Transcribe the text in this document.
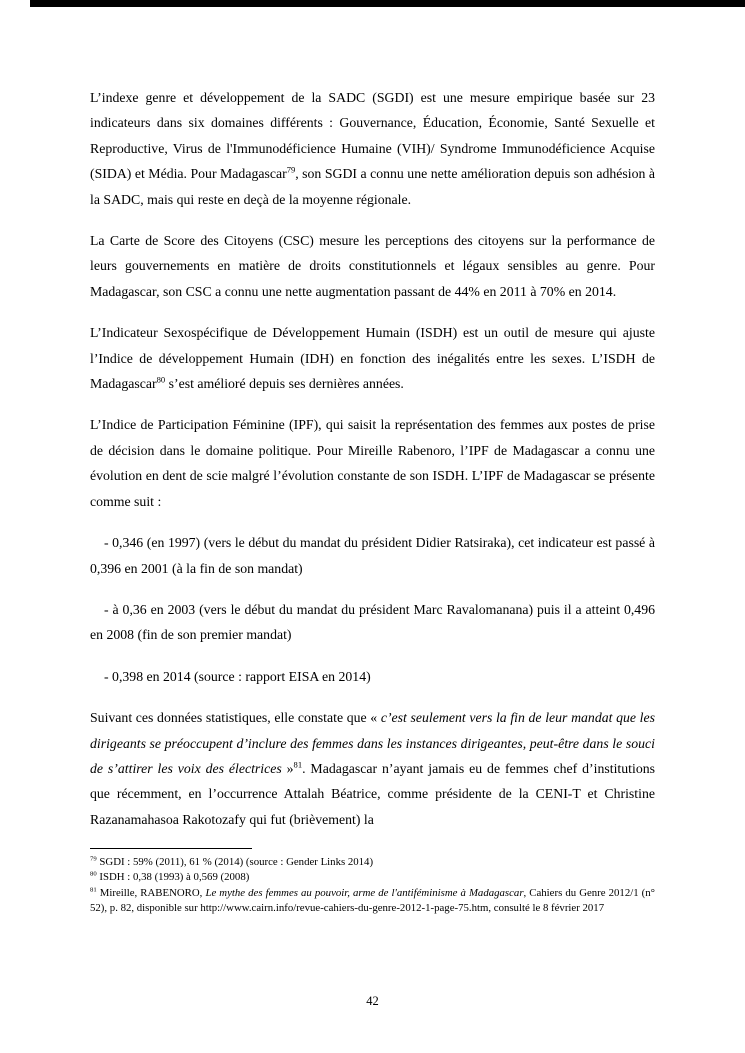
L’indexe genre et développement de la SADC (SGDI) est une mesure empirique basée sur 23 indicateurs dans six domaines différents : Gouvernance, Éducation, Économie, Santé Sexuelle et Reproductive, Virus de l'Immunodéficience Humaine (VIH)/ Syndrome Immunodéficience Acquise (SIDA) et Média. Pour Madagascar$^{79}$, son SGDI a connu une nette amélioration depuis son adhésion à la SADC, mais qui reste en deçà de la moyenne régionale.

La Carte de Score des Citoyens (CSC) mesure les perceptions des citoyens sur la performance de leurs gouvernements en matière de droits constitutionnels et légaux sensibles au genre. Pour Madagascar, son CSC a connu une nette augmentation passant de 44% en 2011 à 70% en 2014.

L’Indicateur Sexospécifique de Développement Humain (ISDH) est un outil de mesure qui ajuste l’Indice de développement Humain (IDH) en fonction des inégalités entre les sexes. L’ISDH de Madagascar$^{80}$ s’est amélioré depuis ses dernières années.

L’Indice de Participation Féminine (IPF), qui saisit la représentation des femmes aux postes de prise de décision dans le domaine politique. Pour Mireille Rabenoro, l’IPF de Madagascar a connu une évolution en dent de scie malgré l’évolution constante de son ISDH. L’IPF de Madagascar se présente comme suit :

- 0,346 (en 1997) (vers le début du mandat du président Didier Ratsiraka), cet indicateur est passé à 0,396 en 2001 (à la fin de son mandat)

- à 0,36 en 2003 (vers le début du mandat du président Marc Ravalomanana) puis il a atteint 0,496 en 2008 (fin de son premier mandat)

- 0,398 en 2014 (source : rapport EISA en 2014)

Suivant ces données statistiques, elle constate que « c’est seulement vers la fin de leur mandat que les dirigeants se préoccupent d’inclure des femmes dans les instances dirigeantes, peut-être dans le souci de s’attirer les voix des électrices »$^{81}$. Madagascar n’ayant jamais eu de femmes chef d’institutions que récemment, en l’occurrence Attalah Béatrice, comme présidente de la CENI-T et Christine Razanamahasoa Rakotozafy qui fut (brièvement) la

$^{79}$ SGDI : 59% (2011), 61 % (2014) (source : Gender Links 2014)

$^{80}$ ISDH : 0,38 (1993) à 0,569 (2008)

$^{81}$ Mireille, RABENORO, Le mythe des femmes au pouvoir, arme de l'antiféminisme à Madagascar, Cahiers du Genre 2012/1 (n° 52), p. 82, disponible sur http://www.cairn.info/revue-cahiers-du-genre-2012-1-page-75.htm, consulté le 8 février 2017

42
